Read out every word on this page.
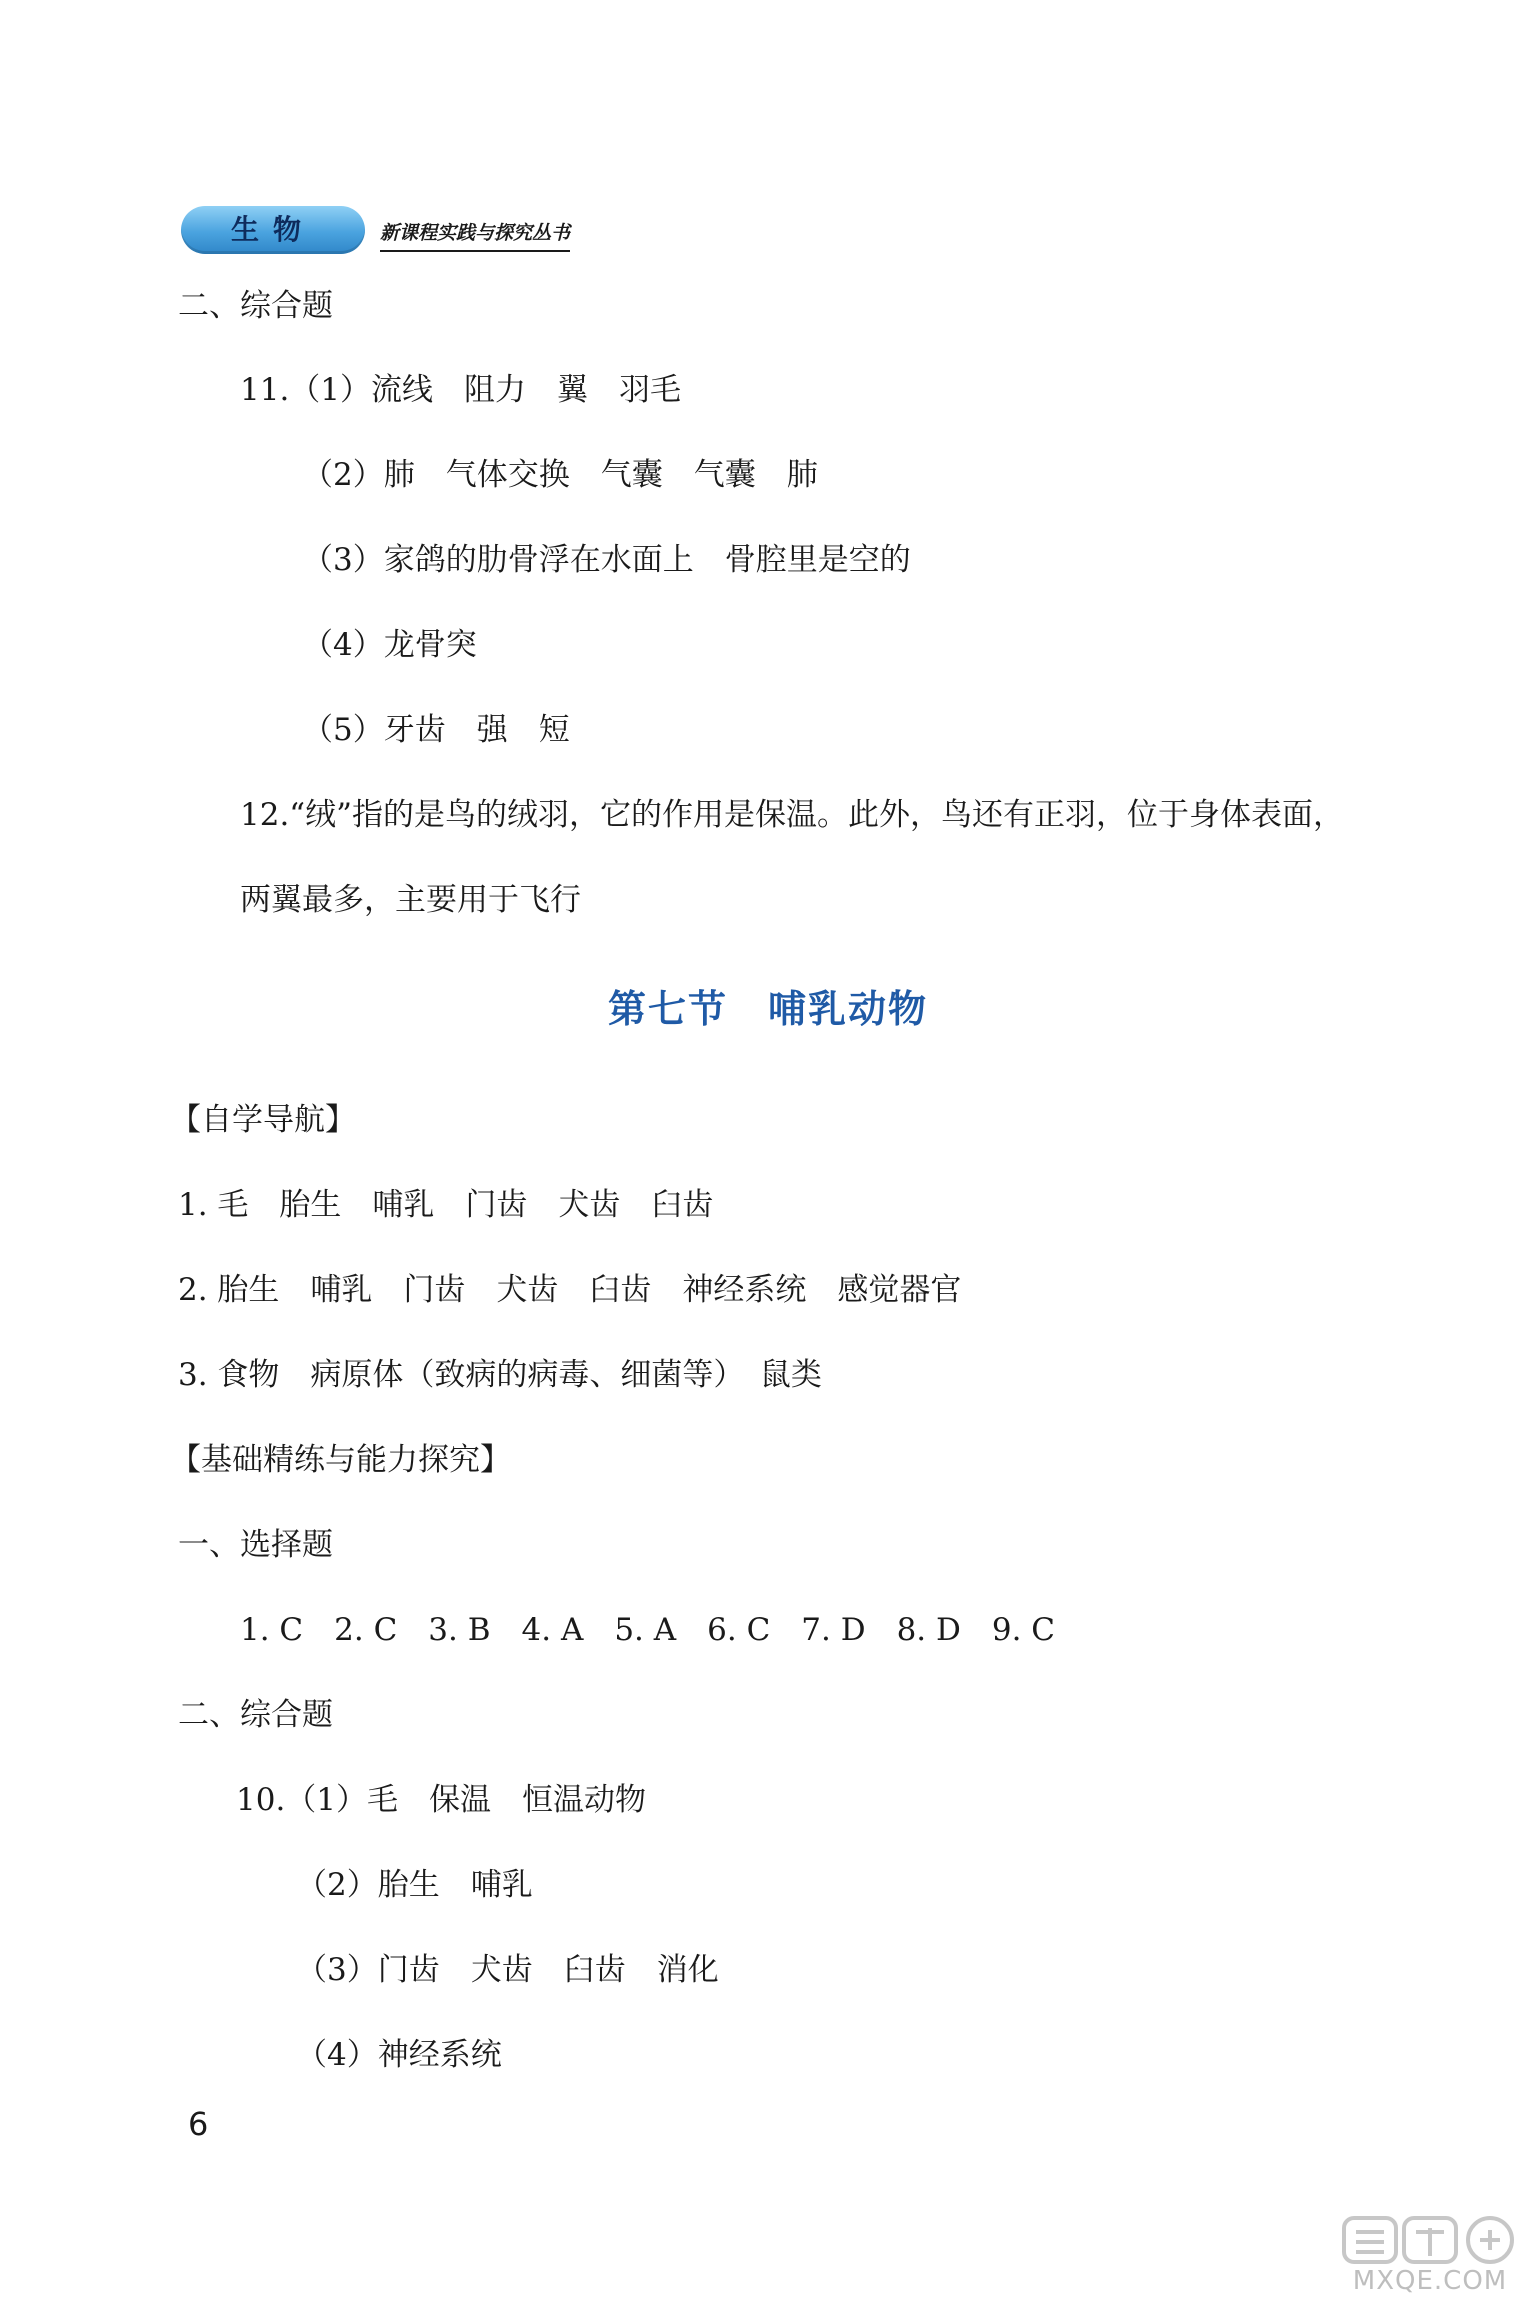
生物	新课程实践与探究丛书
二、综合题
11.（1）流线　阻力　翼　羽毛
（2）肺　气体交换　气囊　气囊　肺
（3）家鸽的肋骨浮在水面上　骨腔里是空的
（4）龙骨突
（5）牙齿　强　短
12.“绒”指的是鸟的绒羽，它的作用是保温。此外，鸟还有正羽，位于身体表面，
两翼最多，主要用于飞行
第七节　哺乳动物
【自学导航】
1. 毛　胎生　哺乳　门齿　犬齿　臼齿
2. 胎生　哺乳　门齿　犬齿　臼齿　神经系统　感觉器官
3. 食物　病原体（致病的病毒、细菌等）　鼠类
【基础精练与能力探究】
一、选择题
1. C　2. C　3. B　4. A　5. A　6. C　7. D　8. D　9. C
二、综合题
10.（1）毛　保温　恒温动物
（2）胎生　哺乳
（3）门齿　犬齿　臼齿　消化
（4）神经系统
6
MXQE.COM
